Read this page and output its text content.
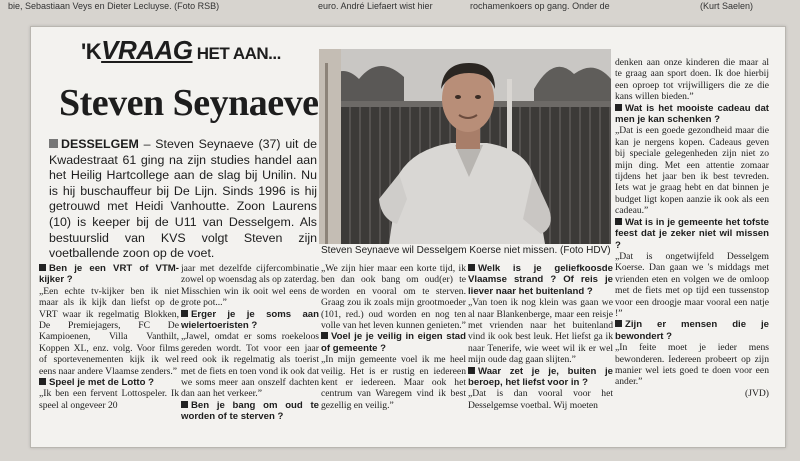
bie, Sebastiaan Veys en Dieter Lecluyse. (Foto RSB)	euro. André Liefaert wist hier	rochamenkoers op gang. Onder de	(Kurt Saelen)
'KVRAAG HET AAN...
Steven Seynaeve
DESSELGEM – Steven Seynaeve (37) uit de Kwadestraat 61 ging na zijn studies handel aan het Heilig Hartcollege aan de slag bij Unilin. Nu is hij buschauffeur bij De Lijn. Sinds 1996 is hij getrouwd met Heidi Vanhoutte. Zoon Laurens (10) is keeper bij de U11 van Desselgem. Als bestuurslid van KVS volgt Steven zijn voetballende zoon op de voet.	Steven Seynaeve wil Desselgem Koerse niet missen. (Foto HDV)

Ben je een VRT of VTM-kijker ?

„Een echte tv-kijker ben ik niet maar als ik kijk dan liefst op de VRT waar ik regelmatig Blokken, De Premiejagers, FC De Kampioenen, Villa Vanthilt, Koppen XL, enz. volg. Voor films of sportevenementen kijk ik wel eens naar andere Vlaamse zenders.”

Speel je met de Lotto ?

„Ik ben een fervent Lottospeler. Ik speel al ongeveer 20

jaar met dezelfde cijfercombinatie zowel op woensdag als op zaterdag. Misschien win ik ooit wel eens de grote pot...”

Erger je je soms aan wielertoeristen ?

„Jawel, omdat er soms roekeloos gereden wordt. Tot voor een jaar reed ook ik regelmatig als toerist met de fiets en toen vond ik ook dat we soms meer aan onszelf dachten dan aan het verkeer.”

Ben je bang om oud te worden of te sterven ?

„We zijn hier maar een korte tijd, ik ben dan ook bang om oud(er) te worden en vooral om te sterven. Graag zou ik zoals mijn grootmoeder (101, red.) oud worden en nog ten volle van het leven kunnen genieten.”

Voel je je veilig in eigen stad of gemeente ?

„In mijn gemeente voel ik me heel veilig. Het is er rustig en iedereen kent er iedereen. Maar ook het centrum van Waregem vind ik best gezellig en veilig.”

Welk is je geliefkoosde Vlaamse strand ? Of reis je liever naar het buitenland ?

„Van toen ik nog klein was gaan we al naar Blankenberge, maar een reisje met vrienden naar het buitenland vind ik ook best leuk. Het liefst ga ik naar Tenerife, wie weet wil ik er wel mijn oude dag gaan slijten.”

Waar zet je je, buiten je beroep, het liefst voor in ?

„Dat is dan vooral voor het Desselgemse voetbal. Wij moeten

denken aan onze kinderen die maar al te graag aan sport doen. Ik doe hierbij een oproep tot vrijwilligers die ze die kans willen bieden.”

Wat is het mooiste cadeau dat men je kan schenken ?

„Dat is een goede gezondheid maar die kan je nergens kopen. Cadeaus geven bij speciale gelegenheden zijn niet zo mijn ding. Met een attentie zomaar tijdens het jaar ben ik best tevreden. Iets wat je graag hebt en dat binnen je budget ligt kopen aanzie ik ook als een cadeau.”

Wat is in je gemeente het tofste feest dat je zeker niet wil missen ?

„Dat is ongetwijfeld Desselgem Koerse. Dan gaan we 's middags met vrienden eten en volgen we de omloop met de fiets met op tijd een tussenstop voor een droogje maar vooral een natje !”

Zijn er mensen die je bewondert ?

„In feite moet je ieder mens bewonderen. Iedereen probeert op zijn manier wel iets goed te doen voor een ander.”

(JVD)
